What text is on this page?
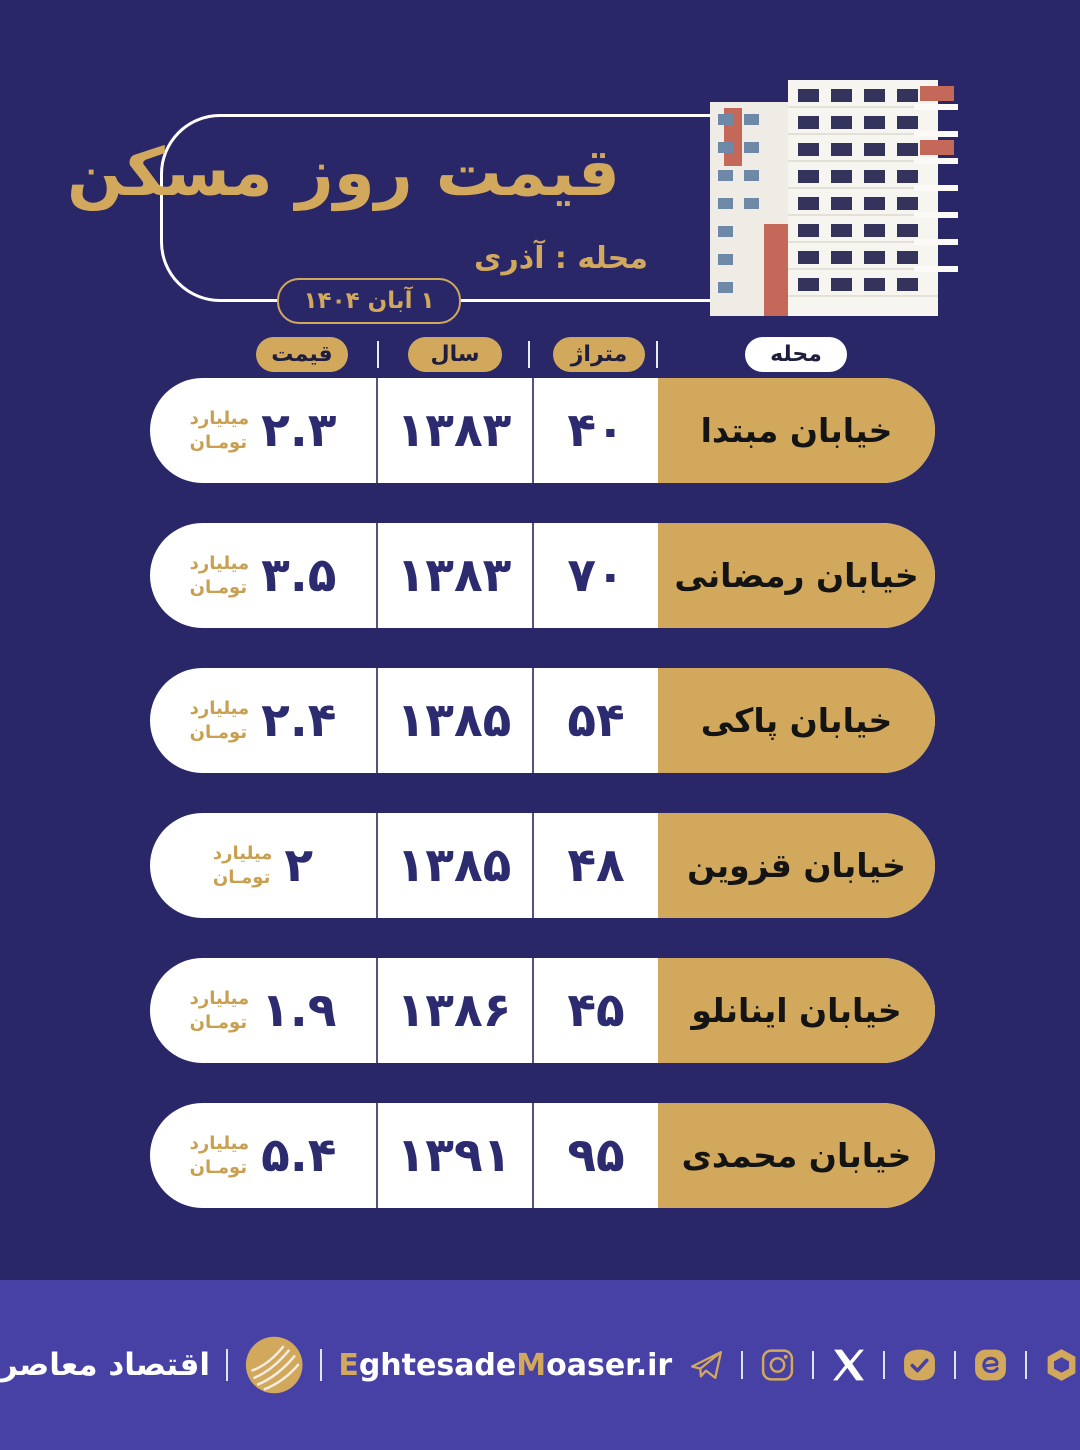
قیمت روز مسکن
محله : آذری
۱ آبان ۱۴۰۴
قیمت	سال	متراژ	محله
میلیارد
تومـان ۲.۳	۱۳۸۳	۴۰	خیابان مبتدا
میلیارد
تومـان ۳.۵	۱۳۸۳	۷۰	خیابان رمضانی
میلیارد
تومـان ۲.۴	۱۳۸۵	۵۴	خیابان پاکی
میلیارد
تومـان ۲	۱۳۸۵	۴۸	خیابان قزوین
میلیارد
تومـان ۱.۹	۱۳۸۶	۴۵	خیابان اینانلو
میلیارد
تومـان ۵.۴	۱۳۹۱	۹۵	خیابان محمدی
اقتصاد معاصر	EghtesadeMoaser.ir
